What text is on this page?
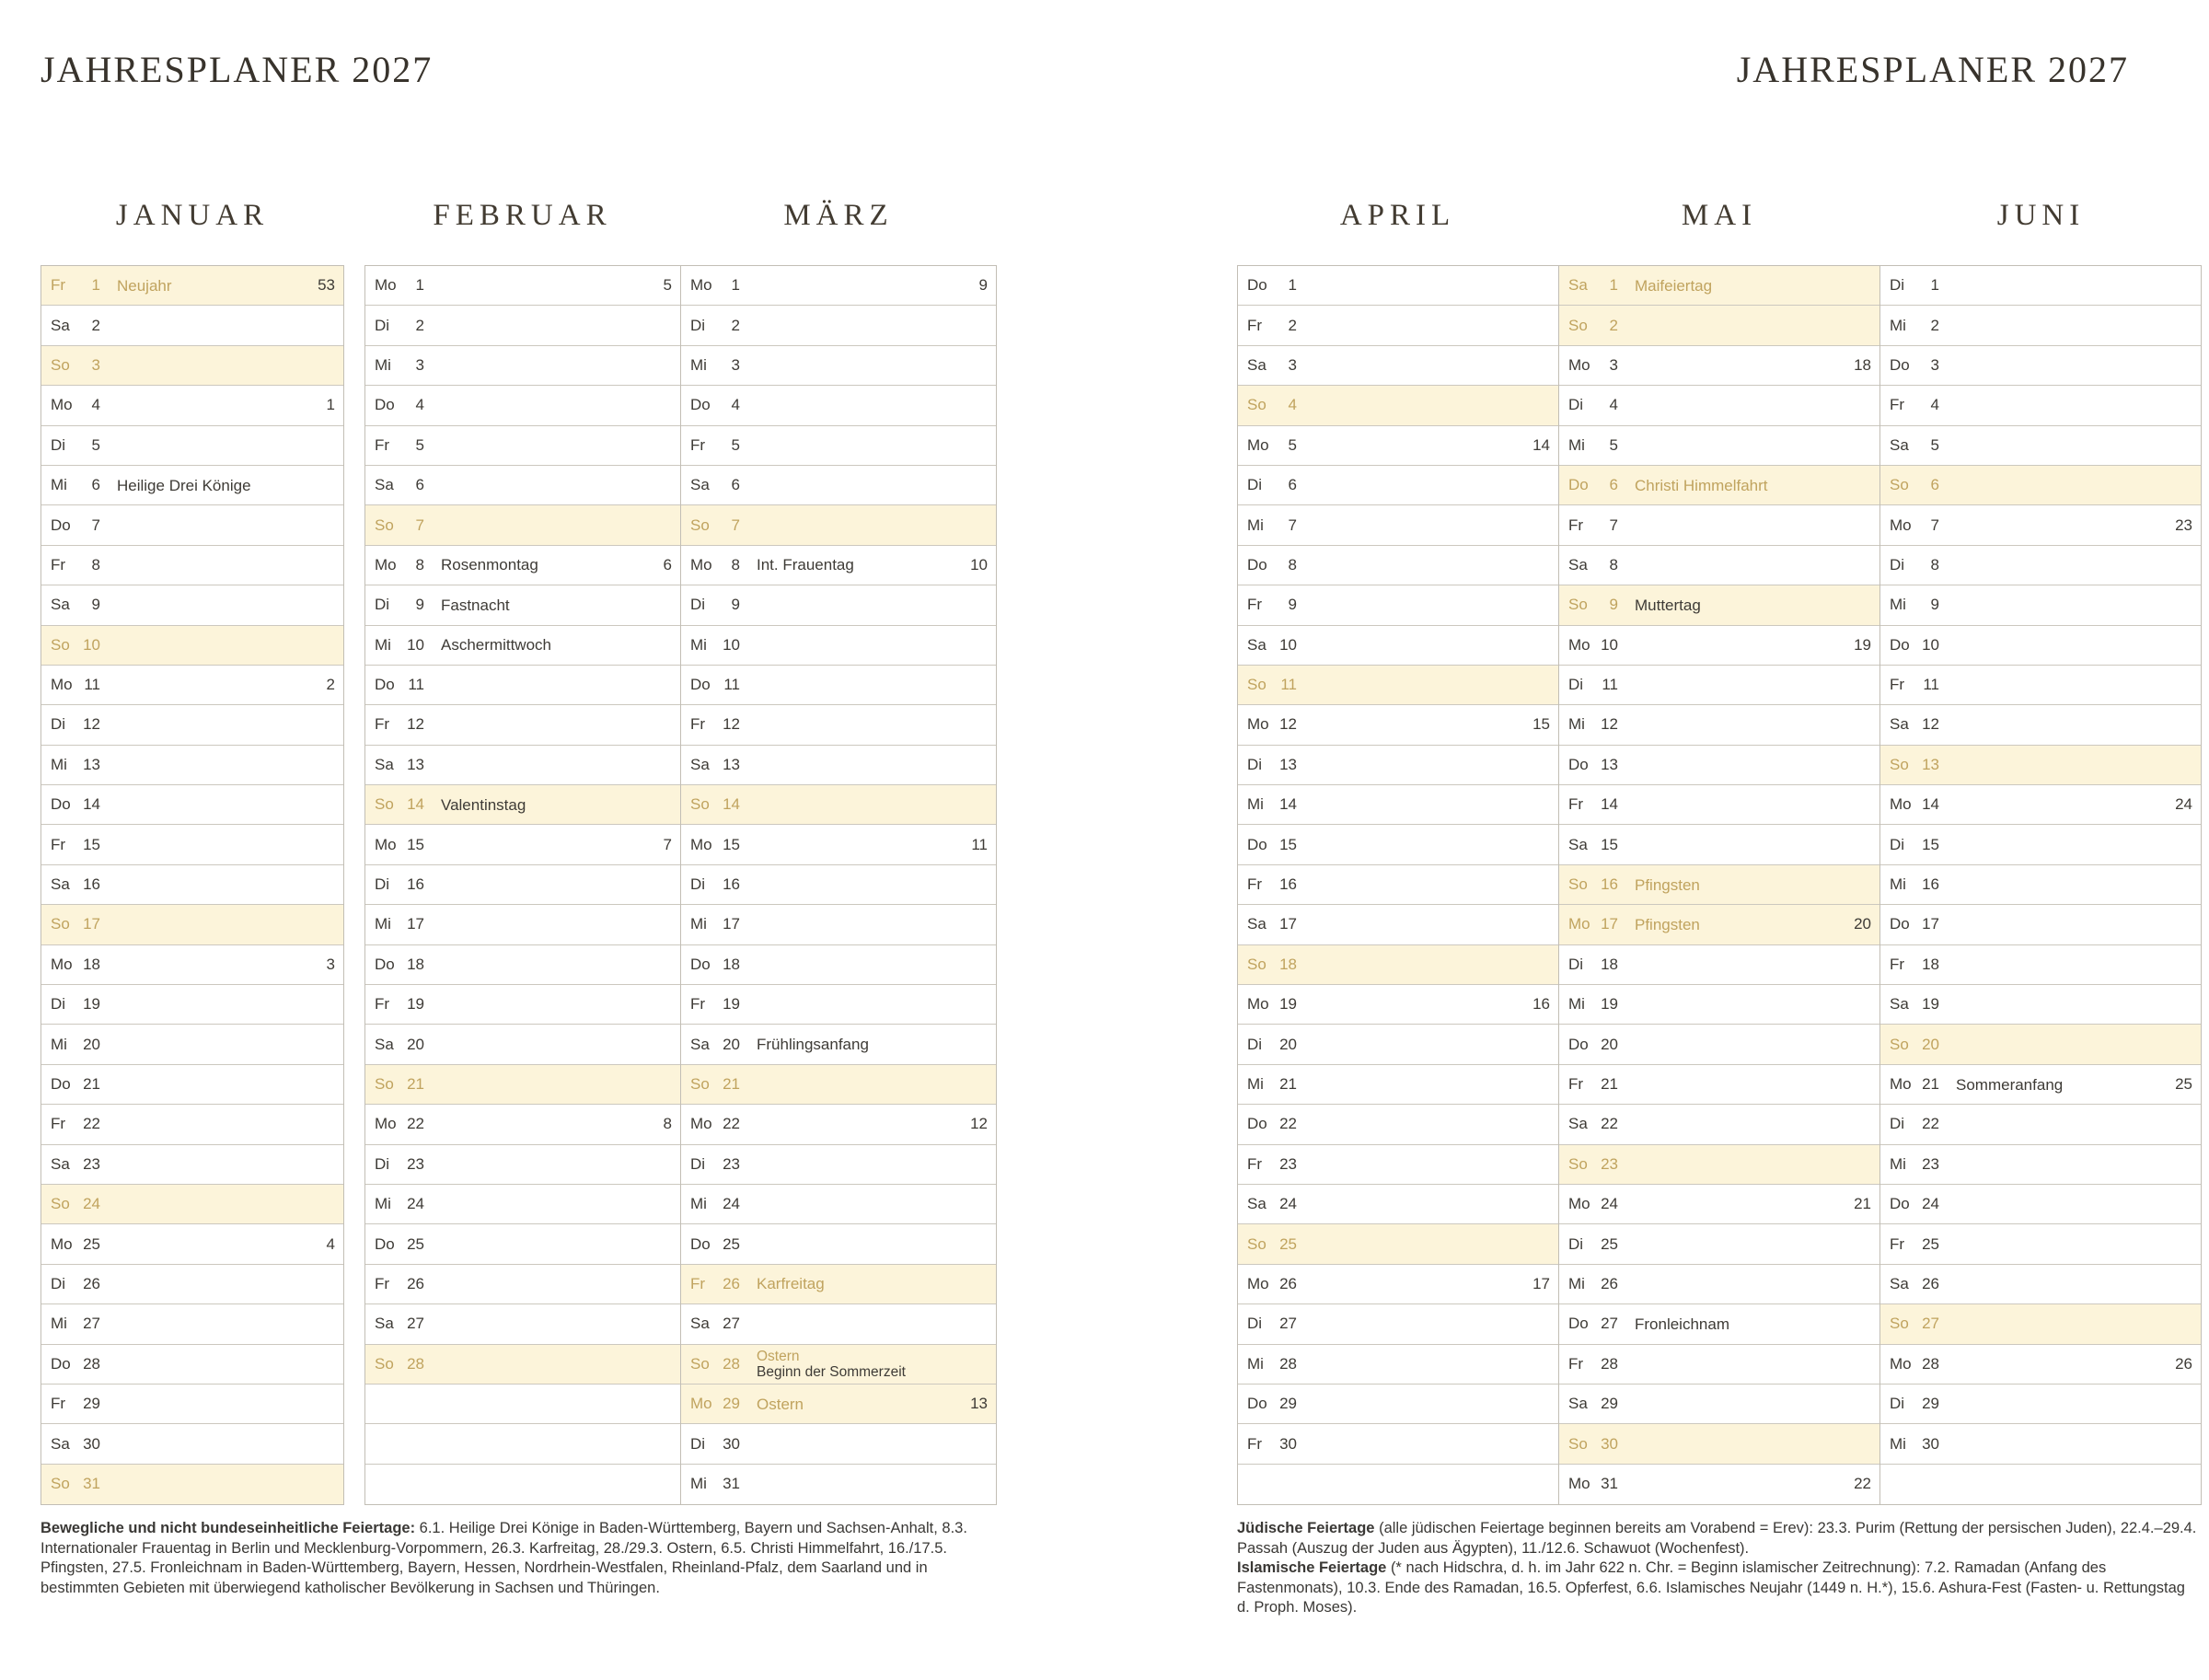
JAHRESPLANER 2027	JAHRESPLANER 2027
JANUAR	FEBRUAR	MÄRZ	APRIL	MAI	JUNI
Fr	1 Neujahr	53
Sa	2
So	3
Mo	4	1
Di	5
Mi	6 Heilige Drei Könige
Do	7
Fr	8
Sa	9
So 10
Mo 11	2
Di	12
Mi	13
Do 14
Fr	15
Sa 16
So 17
Mo 18	3
Di	19
Mi	20
Do 21
Fr	22
Sa 23
So 24
Mo 25	4
Di	26
Mi	27
Do 28
Fr	29
Sa 30
So 31
Mo	1	5
Di	2
Mi	3
Do	4
Fr	5
Sa	6
So	7
Mo	8 Rosenmontag	6
Di	9 Fastnacht
Mi	10 Aschermittwoch
Do 11
Fr	12
Sa 13
So 14 Valentinstag
Mo 15	7
Di	16
Mi	17
Do 18
Fr	19
Sa 20
So 21
Mo 22	8
Di	23
Mi	24
Do 25
Fr	26
Sa 27
So 28
Mo	1	9
Di	2
Mi	3
Do	4
Fr	5
Sa	6
So	7
Mo	8 Int. Frauentag	10
Di	9
Mi	10
Do 11
Fr	12
Sa 13
So 14
Mo 15	11
Di	16
Mi	17
Do 18
Fr	19
Sa 20 Frühlingsanfang
So 21
Mo 22	12
Di	23
Mi	24
Do 25
Fr	26 Karfreitag
Sa 27
So 28 Ostern
Beginn der Sommerzeit
Mo 29 Ostern	13
Di	30
Mi	31
Do	1
Fr	2
Sa	3
So	4
Mo	5	14
Di	6
Mi	7
Do	8
Fr	9
Sa 10
So 11
Mo 12	15
Di	13
Mi	14
Do 15
Fr	16
Sa 17
So 18
Mo 19	16
Di	20
Mi	21
Do 22
Fr	23
Sa 24
So 25
Mo 26	17
Di	27
Mi	28
Do 29
Fr	30
Sa	1 Maifeiertag
So	2
Mo	3	18
Di	4
Mi	5
Do	6 Christi Himmelfahrt
Fr	7
Sa	8
So	9 Muttertag
Mo 10	19
Di	11
Mi	12
Do 13
Fr	14
Sa 15
So 16 Pfingsten
Mo 17 Pfingsten	20
Di	18
Mi	19
Do 20
Fr	21
Sa 22
So 23
Mo 24	21
Di	25
Mi	26
Do 27 Fronleichnam
Fr	28
Sa 29
So 30
Mo 31	22
Di	1
Mi	2
Do	3
Fr	4
Sa	5
So	6
Mo	7	23
Di	8
Mi	9
Do 10
Fr	11
Sa 12
So 13
Mo 14	24
Di	15
Mi	16
Do 17
Fr	18
Sa 19
So 20
Mo 21 Sommeranfang	25
Di	22
Mi	23
Do 24
Fr	25
Sa 26
So 27
Mo 28	26
Di	29
Mi	30
Bewegliche und nicht bundeseinheitliche Feiertage: 6.1. Heilige Drei Könige in Baden-Württemberg, Bayern und Sachsen-Anhalt, 8.3. Internationaler Frauentag in Berlin und Mecklenburg-Vorpommern, 26.3. Karfreitag, 28./29.3. Ostern, 6.5. Christi Himmelfahrt, 16./17.5. Pfingsten, 27.5. Fronleichnam in Baden-Württemberg, Bayern, Hessen, Nordrhein-Westfalen, Rheinland-Pfalz, dem Saarland und in bestimmten Gebieten mit überwiegend katholischer Bevölkerung in Sachsen und Thüringen.

Jüdische Feiertage (alle jüdischen Feiertage beginnen bereits am Vorabend = Erev): 23.3. Purim (Rettung der persischen Juden), 22.4.–29.4. Passah (Auszug der Juden aus Ägypten), 11./12.6. Schawuot (Wochenfest).

Islamische Feiertage (* nach Hidschra, d. h. im Jahr 622 n. Chr. = Beginn islamischer Zeitrechnung): 7.2. Ramadan (Anfang des Fastenmonats), 10.3. Ende des Ramadan, 16.5. Opferfest, 6.6. Islamisches Neujahr (1449 n. H.*), 15.6. Ashura-Fest (Fasten- u. Rettungstag d. Proph. Moses).
